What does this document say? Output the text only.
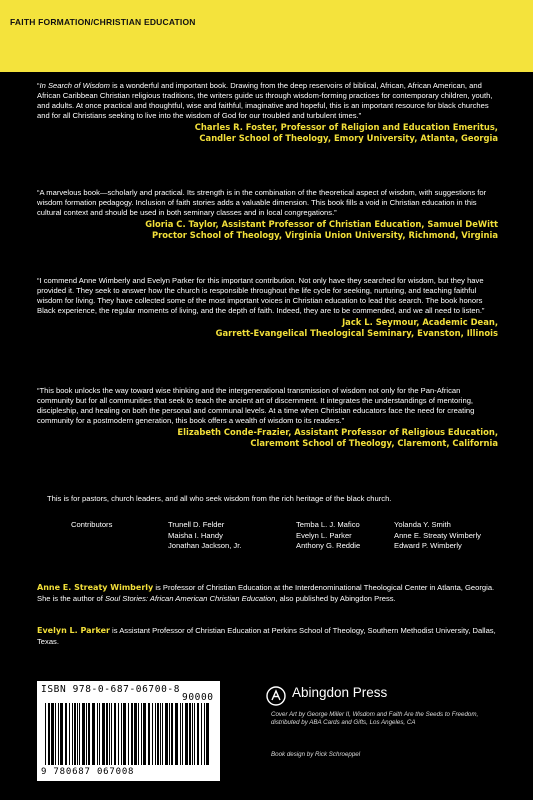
FAITH FORMATION/CHRISTIAN EDUCATION

“In Search of Wisdom is a wonderful and important book. Drawing from the deep reservoirs of biblical, African, African American, and African Caribbean Christian religious traditions, the writers guide us through wisdom-forming practices for contemporary children, youth, and adults. At once practical and thoughtful, wise and faithful, imaginative and hopeful, this is an important resource for black churches and for all Christians seeking to live into the wisdom of God for our troubled and turbulent times.”

Charles R. Foster, Professor of Religion and Education Emeritus,
Candler School of Theology, Emory University, Atlanta, Georgia

“A marvelous book—scholarly and practical. Its strength is in the combination of the theoretical aspect of wisdom, with suggestions for wisdom formation pedagogy. Inclusion of faith stories adds a valuable dimension. This book fills a void in Christian education in this cultural context and should be used in both seminary classes and in local congregations.”

Gloria C. Taylor, Assistant Professor of Christian Education, Samuel DeWitt
Proctor School of Theology, Virginia Union University, Richmond, Virginia

“I commend Anne Wimberly and Evelyn Parker for this important contribution. Not only have they searched for wisdom, but they have provided it. They seek to answer how the church is responsible throughout the life cycle for seeking, nurturing, and teaching faithful wisdom for living. They have collected some of the most important voices in Christian education to lead this search. The book honors Black experience, the regular moments of living, and the depth of faith. Indeed, they are to be commended, and we all need to listen.”

Jack L. Seymour, Academic Dean,
Garrett-Evangelical Theological Seminary, Evanston, Illinois

“This book unlocks the way toward wise thinking and the intergenerational transmission of wisdom not only for the Pan-African community but for all communities that seek to teach the ancient art of discernment. It integrates the understandings of mentoring, discipleship, and healing on both the personal and communal levels. At a time when Christian educators face the need for creating community for a postmodern generation, this book offers a wealth of wisdom to its readers.”

Elizabeth Conde-Frazier, Assistant Professor of Religious Education,
Claremont School of Theology, Claremont, California

This is for pastors, church leaders, and all who seek wisdom from the rich heritage of the black church.
Contributors	Trunell D. Felder
Maisha I. Handy
Jonathan Jackson, Jr.
Temba L. J. Mafico
Evelyn L. Parker
Anthony G. Reddie
Yolanda Y. Smith
Anne E. Streaty Wimberly
Edward P. Wimberly
Anne E. Streaty Wimberly is Professor of Christian Education at the Interdenominational Theological Center in Atlanta, Georgia. She is the author of Soul Stories: African American Christian Education, also published by Abingdon Press.
Evelyn L. Parker is Assistant Professor of Christian Education at Perkins School of Theology, Southern Methodist University, Dallas, Texas.
ISBN 978-0-687-06700-8
90000
9 780687 067008
Abingdon Press
Cover Art by George Miller II, Wisdom and Faith Are the Seeds to Freedom, distributed by ABA Cards and Gifts, Los Angeles, CA
Book design by Rick Schroeppel
